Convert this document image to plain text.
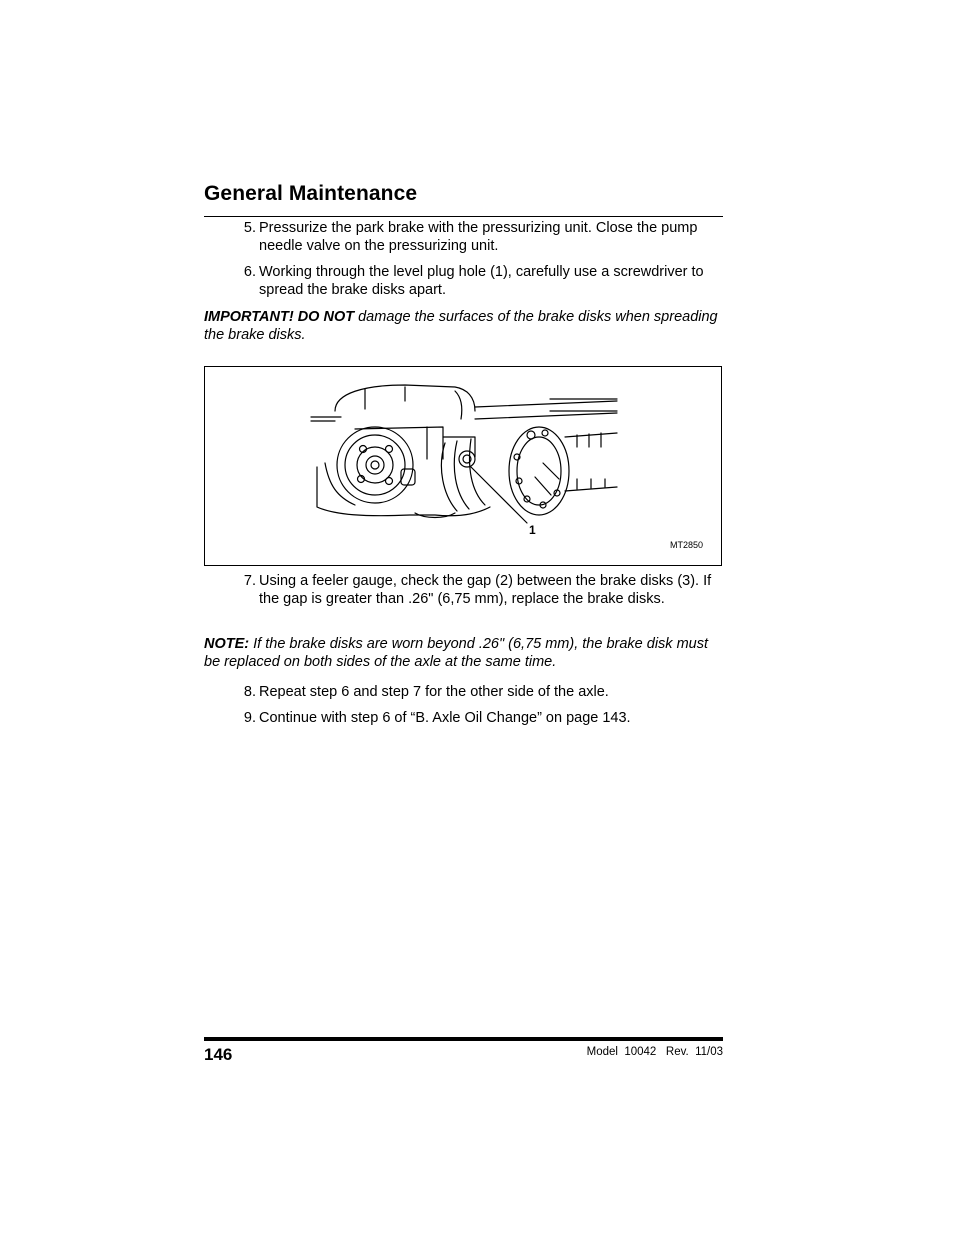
General Maintenance
5. Pressurize the park brake with the pressurizing unit. Close the pump needle valve on the pressurizing unit.
6. Working through the level plug hole (1), carefully use a screwdriver to spread the brake disks apart.
IMPORTANT! DO NOT damage the surfaces of the brake disks when spreading the brake disks.
1
MT2850
7. Using a feeler gauge, check the gap (2) between the brake disks (3). If the gap is greater than .26" (6,75 mm), replace the brake disks.
NOTE: If the brake disks are worn beyond .26" (6,75 mm), the brake disk must be replaced on both sides of the axle at the same time.
8. Repeat step 6 and step 7 for the other side of the axle.
9. Continue with step 6 of “B. Axle Oil Change” on page 143.
146	Model  10042   Rev.  11/03
